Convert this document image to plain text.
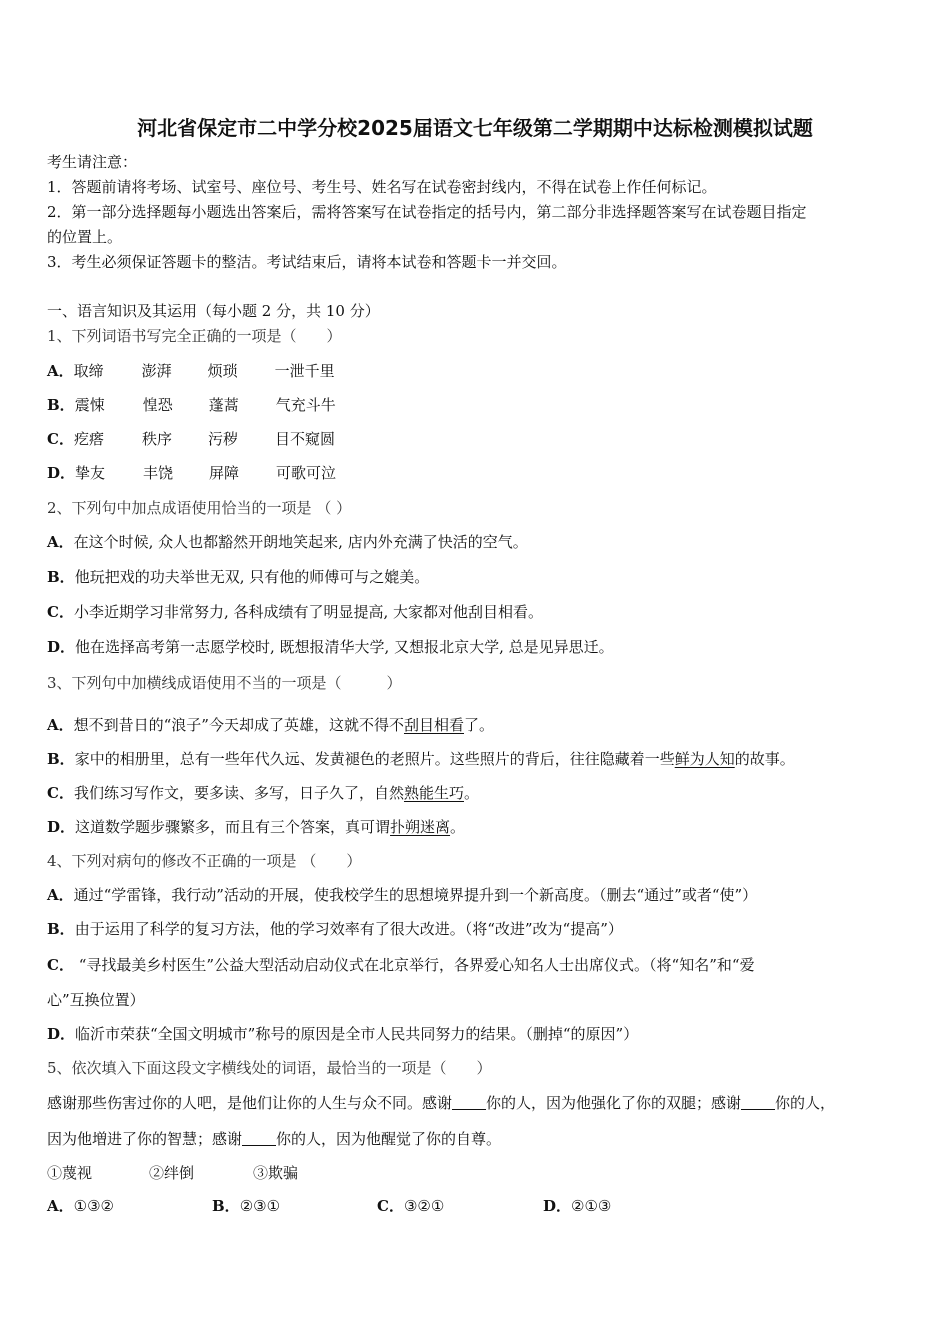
河北省保定市二中学分校2025届语文七年级第二学期期中达标检测模拟试题
考生请注意：
1．答题前请将考场、试室号、座位号、考生号、姓名写在试卷密封线内，不得在试卷上作任何标记。
2．第一部分选择题每小题选出答案后，需将答案写在试卷指定的括号内，第二部分非选择题答案写在试卷题目指定
的位置上。
3．考生必须保证答题卡的整洁。考试结束后，请将本试卷和答题卡一并交回。
一、语言知识及其运用（每小题 2 分，共 10 分）
1、下列词语书写完全正确的一项是（　　）
A．取缔	澎湃 烦琐 一泄千里
B．震悚	惶恐 蓬蒿 气充斗牛
C．疙瘩	秩序 污秽 目不窥圆
D．挚友	丰饶 屏障 可歌可泣
2、下列句中加点成语使用恰当的一项是 （ ）
A．在这个时候, 众人也都豁然开朗地笑起来, 店内外充满了快活的空气。
B．他玩把戏的功夫举世无双, 只有他的师傅可与之媲美。
C．小李近期学习非常努力, 各科成绩有了明显提高, 大家都对他刮目相看。
D．他在选择高考第一志愿学校时, 既想报清华大学, 又想报北京大学, 总是见异思迁。
3、下列句中加横线成语使用不当的一项是（　　　）
A．想不到昔日的“浪子”今天却成了英雄，这就不得不刮目相看了。
B．家中的相册里，总有一些年代久远、发黄褪色的老照片。这些照片的背后，往往隐藏着一些鲜为人知的故事。
C．我们练习写作文，要多读、多写，日子久了，自然熟能生巧。
D．这道数学题步骤繁多，而且有三个答案，真可谓扑朔迷离。
4、下列对病句的修改不正确的一项是 （　　）
A．通过“学雷锋，我行动”活动的开展，使我校学生的思想境界提升到一个新高度。（删去“通过”或者“使”）
B．由于运用了科学的复习方法，他的学习效率有了很大改进。（将“改进”改为“提高”）
C． “寻找最美乡村医生”公益大型活动启动仪式在北京举行，各界爱心知名人士出席仪式。（将“知名”和“爱
心”互换位置）
D．临沂市荣获“全国文明城市”称号的原因是全市人民共同努力的结果。（删掉“的原因”）
5、依次填入下面这段文字横线处的词语，最恰当的一项是（　　）
感谢那些伤害过你的人吧，是他们让你的人生与众不同。感谢 你的人，因为他强化了你的双腿；感谢 你的人，
因为他増进了你的智慧；感谢 你的人，因为他醒觉了你的自尊。
①蔑视	②绊倒	③欺骗
A．①③②	B．②③①	C．③②①	D．②①③
